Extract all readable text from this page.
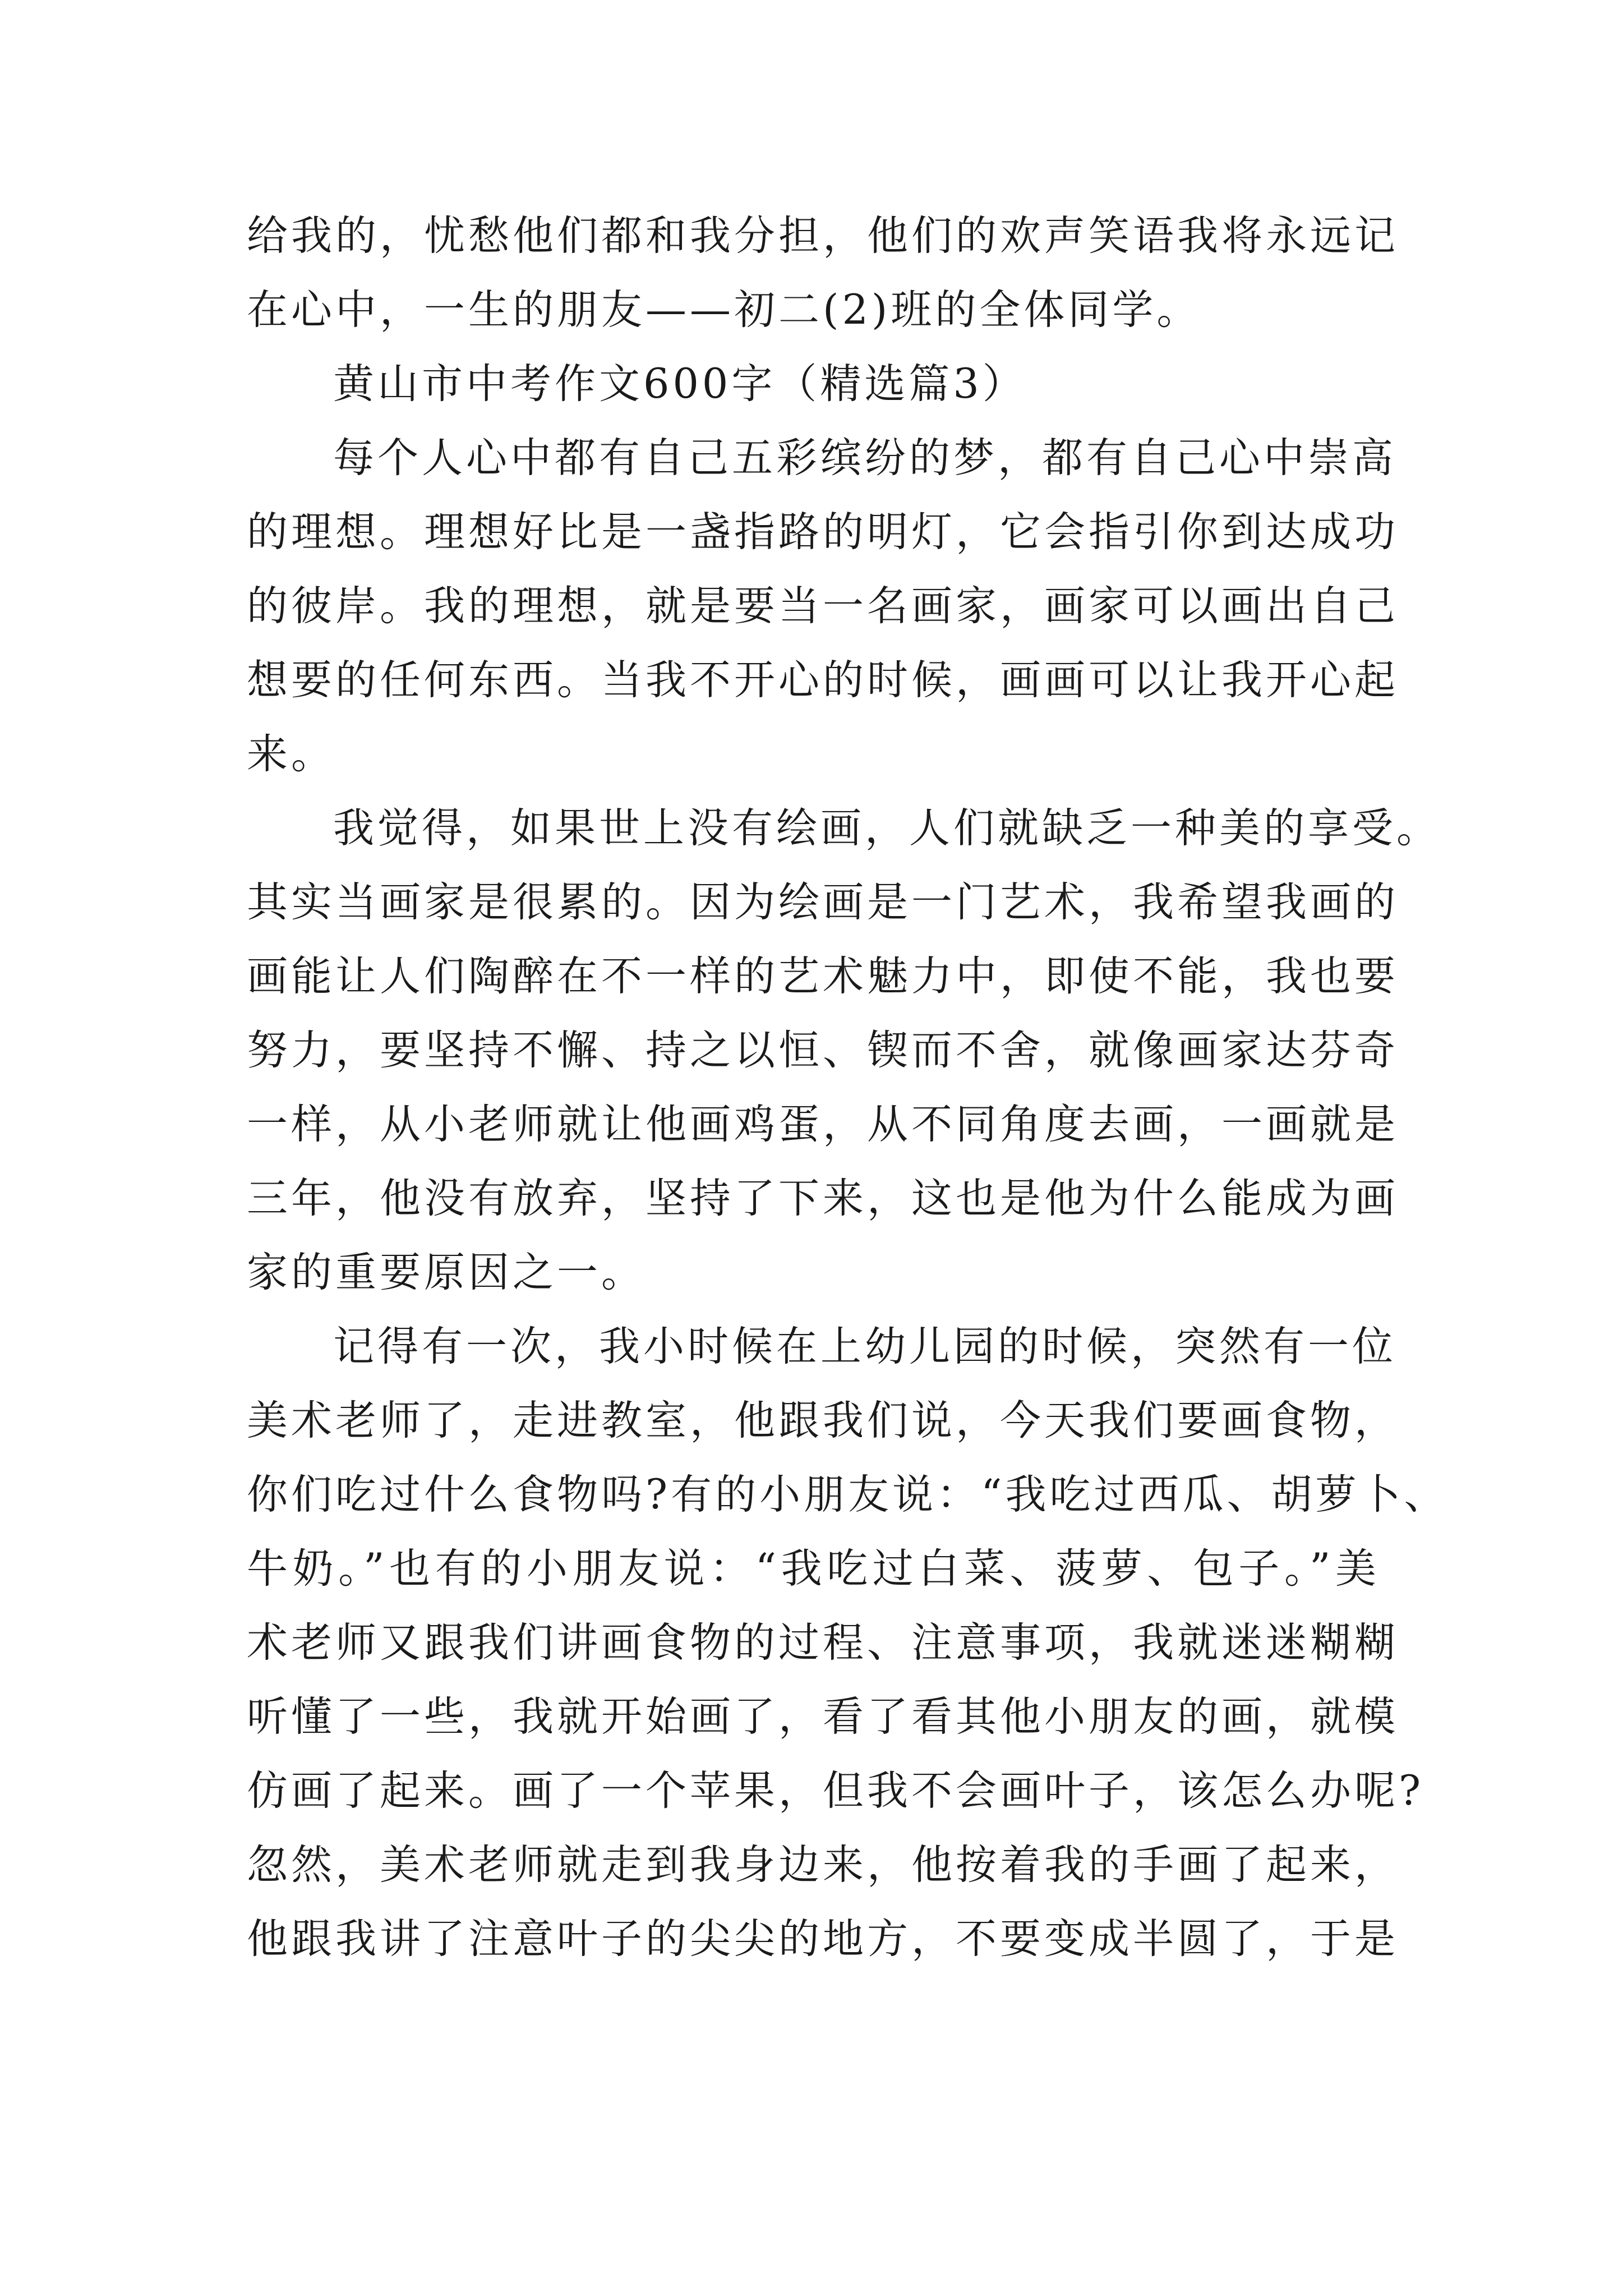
给我的，忧愁他们都和我分担，他们的欢声笑语我将永远记
在心中，一生的朋友——初二(2)班的全体同学。
黄山市中考作文600字（精选篇3）
每个人心中都有自己五彩缤纷的梦，都有自己心中崇高
的理想。理想好比是一盏指路的明灯，它会指引你到达成功
的彼岸。我的理想，就是要当一名画家，画家可以画出自己
想要的任何东西。当我不开心的时候，画画可以让我开心起
来。
我觉得，如果世上没有绘画，人们就缺乏一种美的享受。
其实当画家是很累的。因为绘画是一门艺术，我希望我画的
画能让人们陶醉在不一样的艺术魅力中，即使不能，我也要
努力，要坚持不懈、持之以恒、锲而不舍，就像画家达芬奇
一样，从小老师就让他画鸡蛋，从不同角度去画，一画就是
三年，他没有放弃，坚持了下来，这也是他为什么能成为画
家的重要原因之一。
记得有一次，我小时候在上幼儿园的时候，突然有一位
美术老师了，走进教室，他跟我们说，今天我们要画食物，
你们吃过什么食物吗?有的小朋友说：“我吃过西瓜、胡萝卜、
牛奶。”也有的小朋友说：“我吃过白菜、菠萝、包子。”美
术老师又跟我们讲画食物的过程、注意事项，我就迷迷糊糊
听懂了一些，我就开始画了，看了看其他小朋友的画，就模
仿画了起来。画了一个苹果，但我不会画叶子，该怎么办呢?
忽然，美术老师就走到我身边来，他按着我的手画了起来，
他跟我讲了注意叶子的尖尖的地方，不要变成半圆了，于是
